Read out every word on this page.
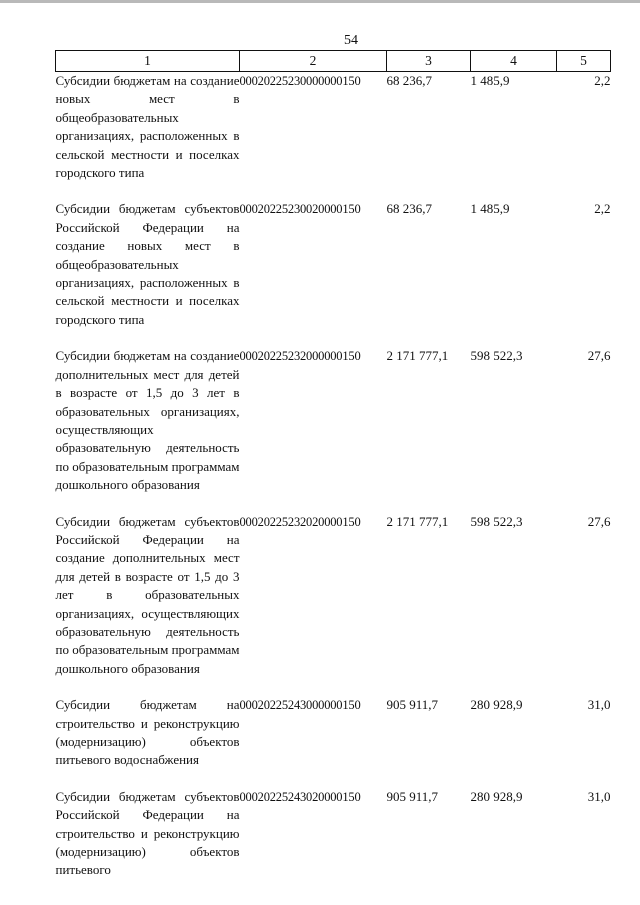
54
1	2	3	4	5
Субсидии бюджетам на создание новых мест в общеобразовательных организациях, расположенных в сельской местности и поселках городского типа	00020225230000000150	68 236,7	1 485,9	2,2

Субсидии бюджетам субъектов Российской Федерации на создание новых мест в общеобразовательных организациях, расположенных в сельской местности и поселках городского типа	00020225230020000150	68 236,7	1 485,9	2,2

Субсидии бюджетам на создание дополнительных мест для детей в возрасте от 1,5 до 3 лет в образовательных организациях, осуществляющих образовательную деятельность по образовательным программам дошкольного образования	00020225232000000150	2 171 777,1	598 522,3	27,6

Субсидии бюджетам субъектов Российской Федерации на создание дополнительных мест для детей в возрасте от 1,5 до 3 лет в образовательных организациях, осуществляющих образовательную деятельность по образовательным программам дошкольного образования	00020225232020000150	2 171 777,1	598 522,3	27,6

Субсидии бюджетам на строительство и реконструкцию (модернизацию) объектов питьевого водоснабжения	00020225243000000150	905 911,7	280 928,9	31,0

Субсидии бюджетам субъектов Российской Федерации на строительство и реконструкцию (модернизацию) объектов питьевого	00020225243020000150	905 911,7	280 928,9	31,0
